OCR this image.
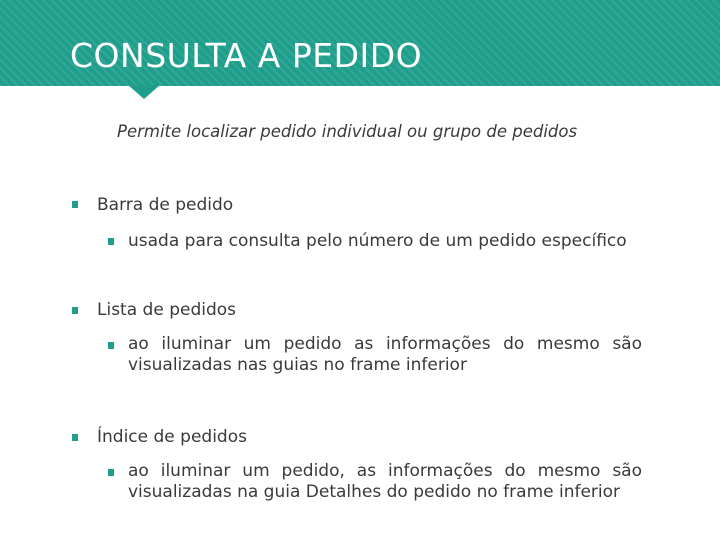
CONSULTA A PEDIDO
Permite localizar pedido individual ou grupo de pedidos
Barra de pedido
usada para consulta pelo número de um pedido específico
Lista de pedidos
ao iluminar um pedido as informações do mesmo são visualizadas nas guias no frame inferior
Índice de pedidos
ao iluminar um pedido, as informações do mesmo são visualizadas na guia Detalhes do pedido no frame inferior
